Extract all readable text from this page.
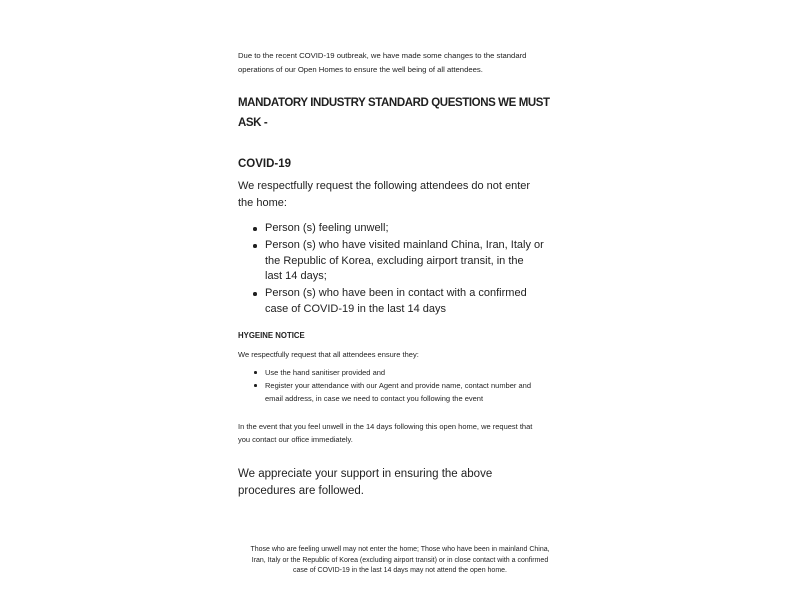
Due to the recent COVID-19 outbreak, we have made some changes to the standard
operations of our Open Homes to ensure the well being of all attendees.
MANDATORY INDUSTRY STANDARD QUESTIONS WE MUST
ASK -
COVID-19
We respectfully request the following attendees do not enter
the home:
Person (s) feeling unwell;
Person (s) who have visited mainland China, Iran, Italy or
the Republic of Korea, excluding airport transit, in the
last 14 days;
Person (s) who have been in contact with a confirmed
case of COVID-19 in the last 14 days
HYGEINE NOTICE
We respectfully request that all attendees ensure they:
Use the hand sanitiser provided and
Register your attendance with our Agent and provide name, contact number and
email address, in case we need to contact you following the event
In the event that you feel unwell in the 14 days following this open home, we request that
you contact our office immediately.
We appreciate your support in ensuring the above
procedures are followed.
Those who are feeling unwell may not enter the home; Those who have been in mainland China,
Iran, Italy or the Republic of Korea (excluding airport transit) or in close contact with a confirmed
case of COVID-19 in the last 14 days may not attend the open home.
